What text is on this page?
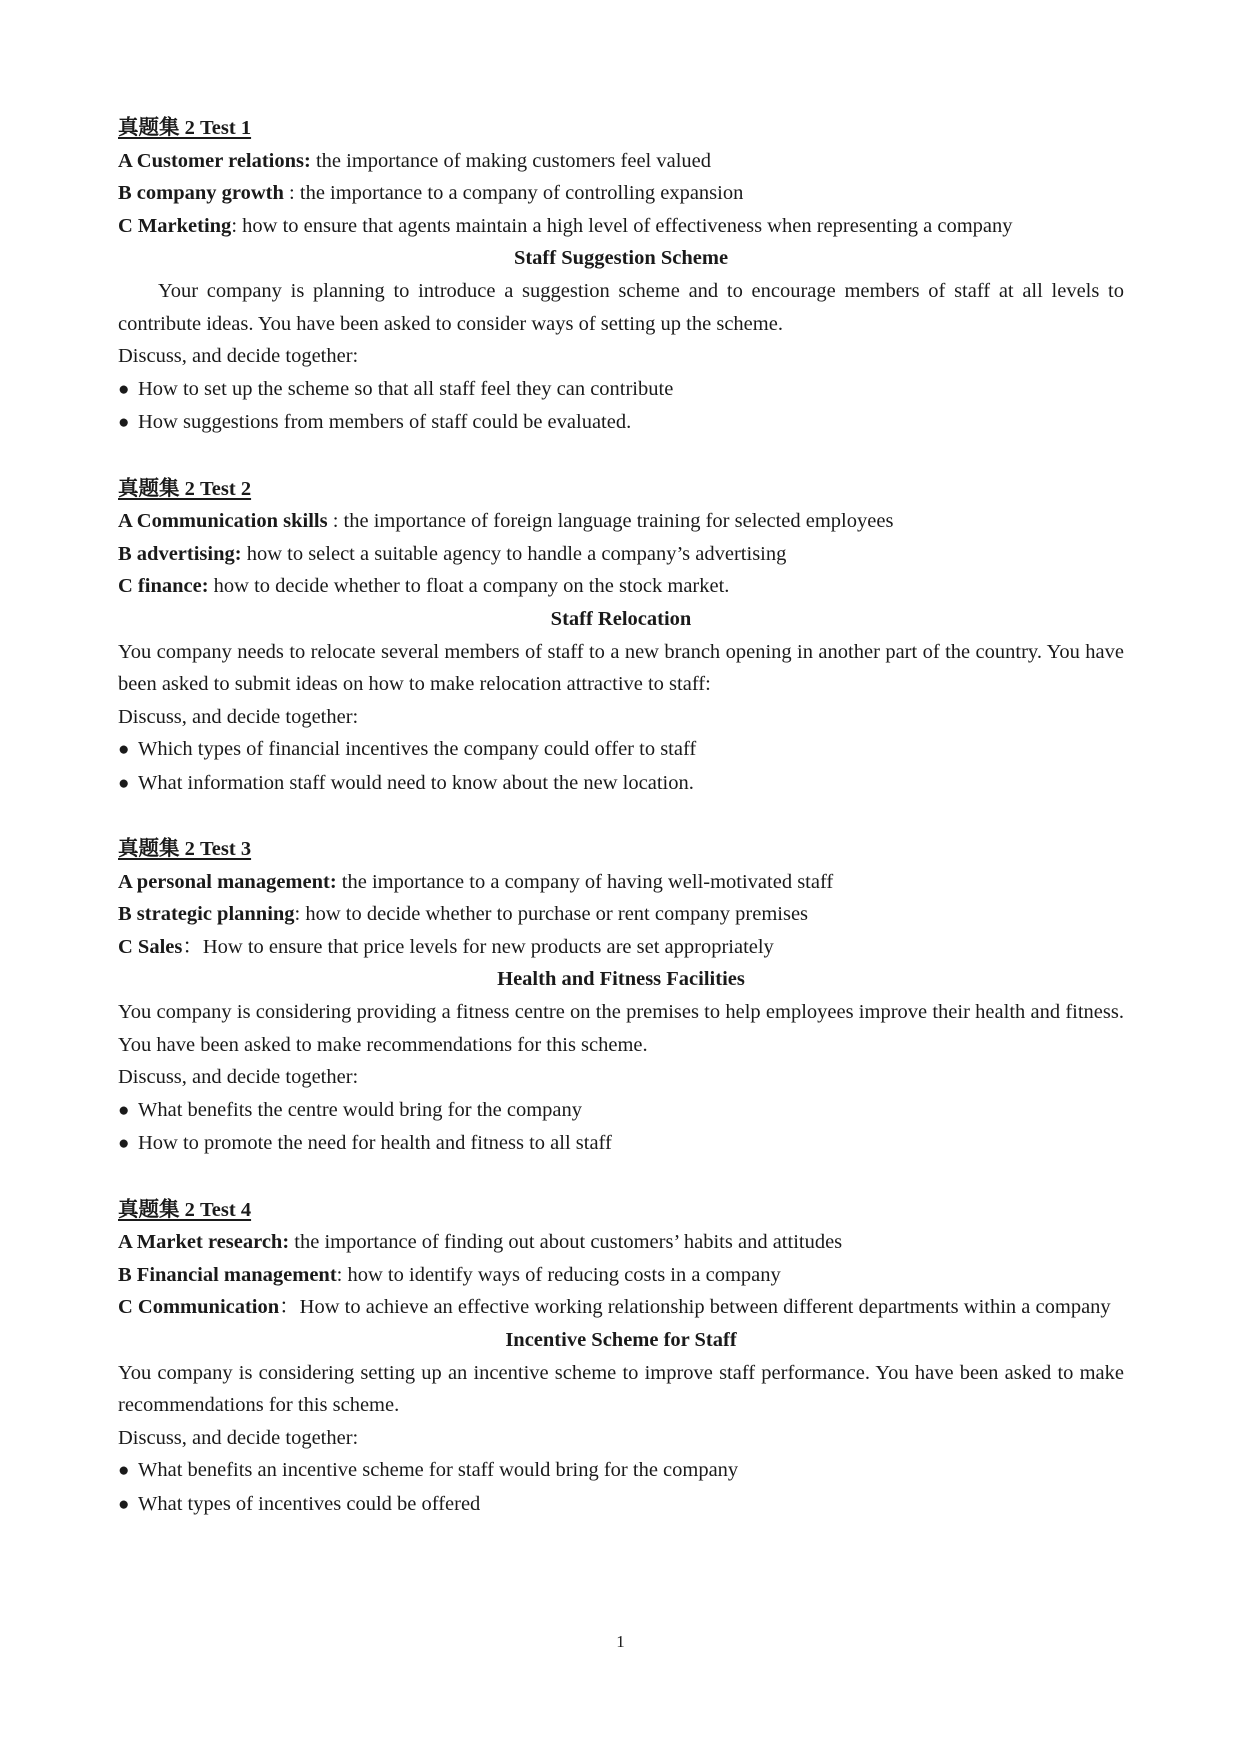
真题集 2 Test 1

A Customer relations: the importance of making customers feel valued

B company growth : the importance to a company of controlling expansion

C Marketing: how to ensure that agents maintain a high level of effectiveness when representing a company

Staff Suggestion Scheme

Your company is planning to introduce a suggestion scheme and to encourage members of staff at all levels to contribute ideas. You have been asked to consider ways of setting up the scheme.

Discuss, and decide together:

● How to set up the scheme so that all staff feel they can contribute

● How suggestions from members of staff could be evaluated.

真题集 2 Test 2

A Communication skills : the importance of foreign language training for selected employees

B advertising: how to select a suitable agency to handle a company’s advertising

C finance: how to decide whether to float a company on the stock market.

Staff Relocation

You company needs to relocate several members of staff to a new branch opening in another part of the country. You have been asked to submit ideas on how to make relocation attractive to staff:

Discuss, and decide together:

● Which types of financial incentives the company could offer to staff

● What information staff would need to know about the new location.

真题集 2 Test 3

A personal management: the importance to a company of having well-motivated staff

B strategic planning: how to decide whether to purchase or rent company premises

C Sales：How to ensure that price levels for new products are set appropriately

Health and Fitness Facilities

You company is considering providing a fitness centre on the premises to help employees improve their health and fitness. You have been asked to make recommendations for this scheme.

Discuss, and decide together:

● What benefits the centre would bring for the company

● How to promote the need for health and fitness to all staff

真题集 2 Test 4

A Market research: the importance of finding out about customers’ habits and attitudes

B Financial management: how to identify ways of reducing costs in a company

C Communication：How to achieve an effective working relationship between different departments within a company

Incentive Scheme for Staff

You company is considering setting up an incentive scheme to improve staff performance. You have been asked to make recommendations for this scheme.

Discuss, and decide together:

● What benefits an incentive scheme for staff would bring for the company

● What types of incentives could be offered

1
